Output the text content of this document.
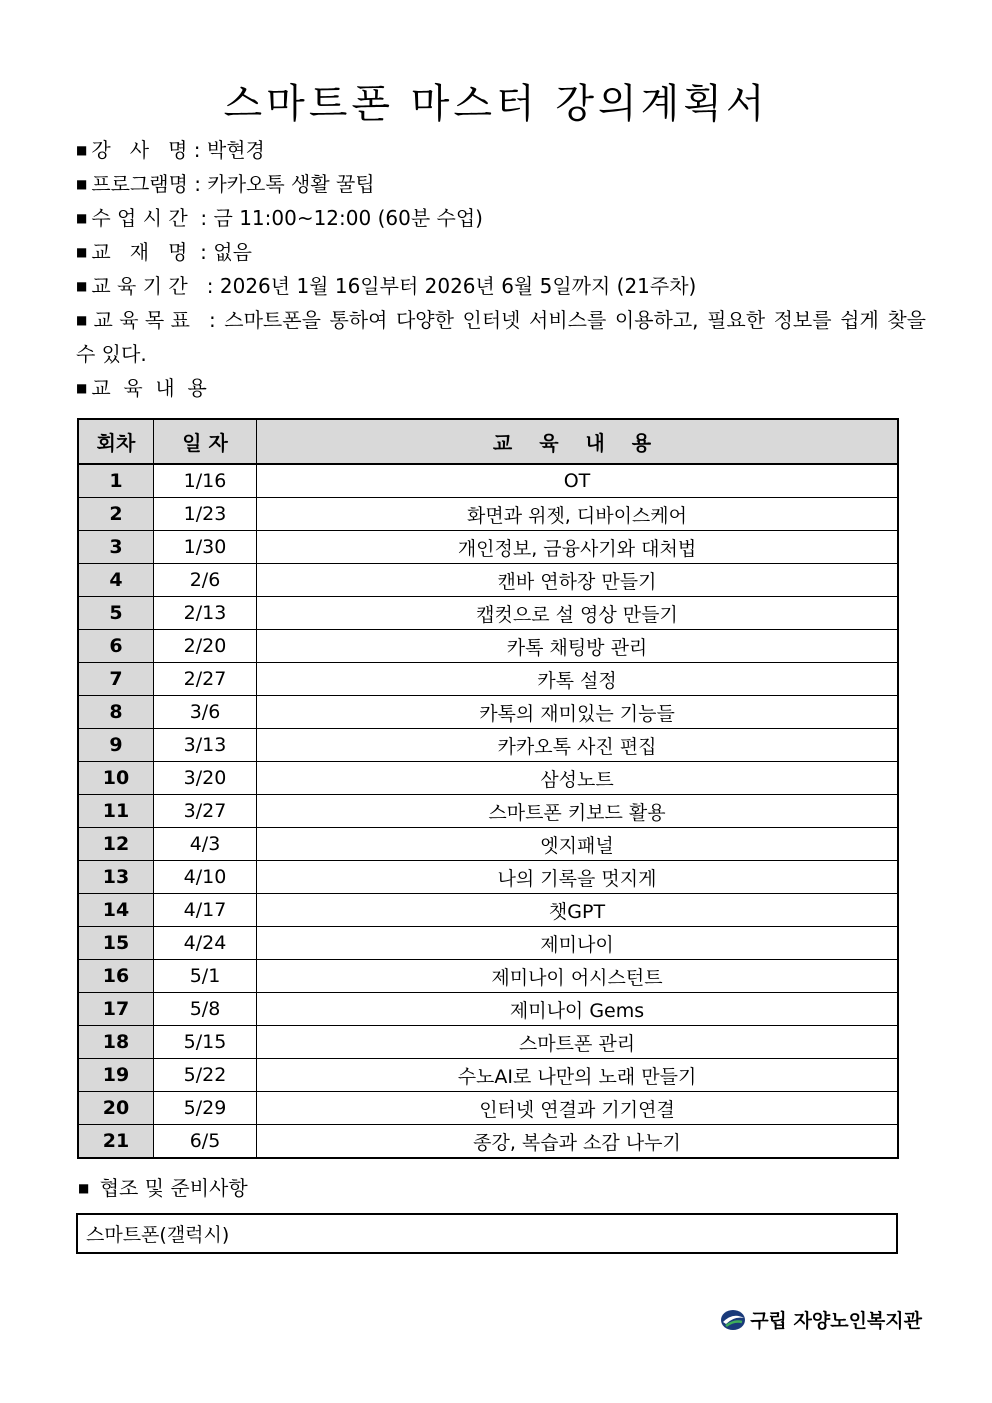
스마트폰 마스터 강의계획서
■ 강   사   명 : 박현경
■ 프로그램명 : 카카오톡 생활 꿀팁
■ 수 업 시 간  : 금 11:00~12:00 (60분 수업)
■ 교   재   명  : 없음
■ 교 육 기 간   : 2026년 1월 16일부터 2026년 6월 5일까지 (21주차)
■ 교 육 목 표   : 스마트폰을 통하여 다양한 인터넷 서비스를 이용하고, 필요한 정보를 쉽게 찾을 수 있다.
■ 교  육  내  용
회차	일 자	교 육 내 용
1	1/16	OT
2	1/23	화면과 위젯, 디바이스케어
3	1/30	개인정보, 금융사기와 대처법
4	2/6	캔바 연하장 만들기
5	2/13	캡컷으로 설 영상 만들기
6	2/20	카톡 채팅방 관리
7	2/27	카톡 설정
8	3/6	카톡의 재미있는 기능들
9	3/13	카카오톡 사진 편집
10	3/20	삼성노트
11	3/27	스마트폰 키보드 활용
12	4/3	엣지패널
13	4/10	나의 기록을 멋지게
14	4/17	챗GPT
15	4/24	제미나이
16	5/1	제미나이 어시스턴트
17	5/8	제미나이 Gems
18	5/15	스마트폰 관리
19	5/22	수노AI로 나만의 노래 만들기
20	5/29	인터넷 연결과 기기연결
21	6/5	종강, 복습과 소감 나누기
■ 협조 및 준비사항
스마트폰(갤럭시)
구립 자양노인복지관
